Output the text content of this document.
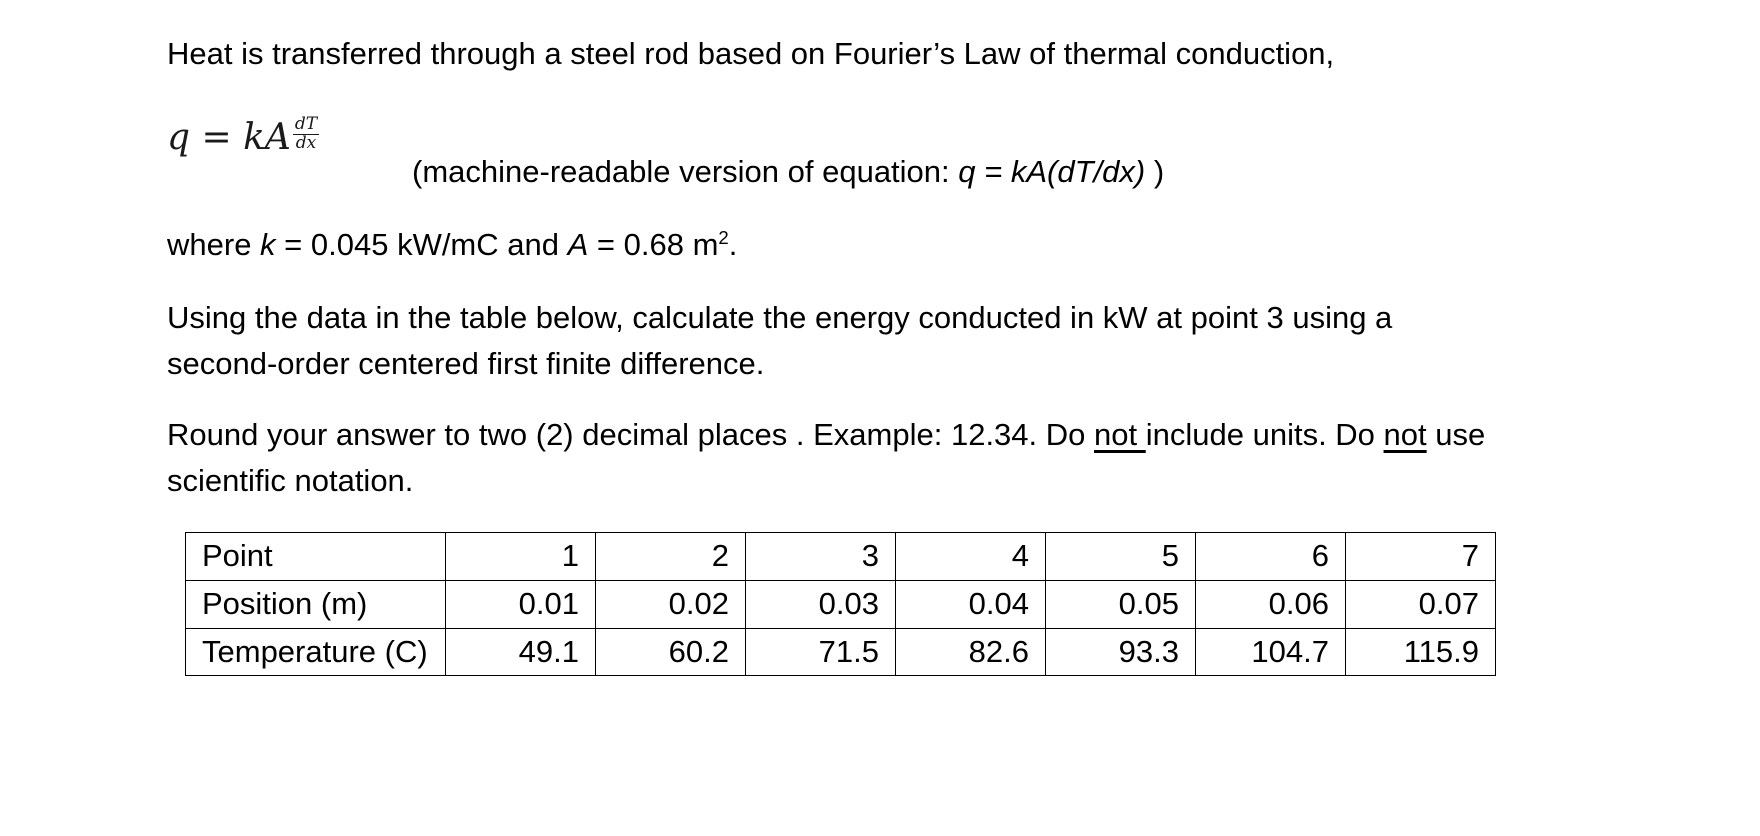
Heat is transferred through a steel rod based on Fourier’s Law of thermal conduction,
q = kA $\frac{dT}{dx}$
(machine-readable version of equation: q = kA(dT/dx) )
where k = 0.045 kW/mC and A = 0.68 $m^2$.
Using the data in the table below, calculate the energy conducted in kW at point 3 using a
second-order centered first finite difference.
Round your answer to two (2) decimal places . Example: 12.34. Do not include units. Do not use
scientific notation.
Point	1	2	3	4	5	6	7
Position (m)	0.01	0.02	0.03	0.04	0.05	0.06	0.07
Temperature (C)	49.1	60.2	71.5	82.6	93.3	104.7	115.9
